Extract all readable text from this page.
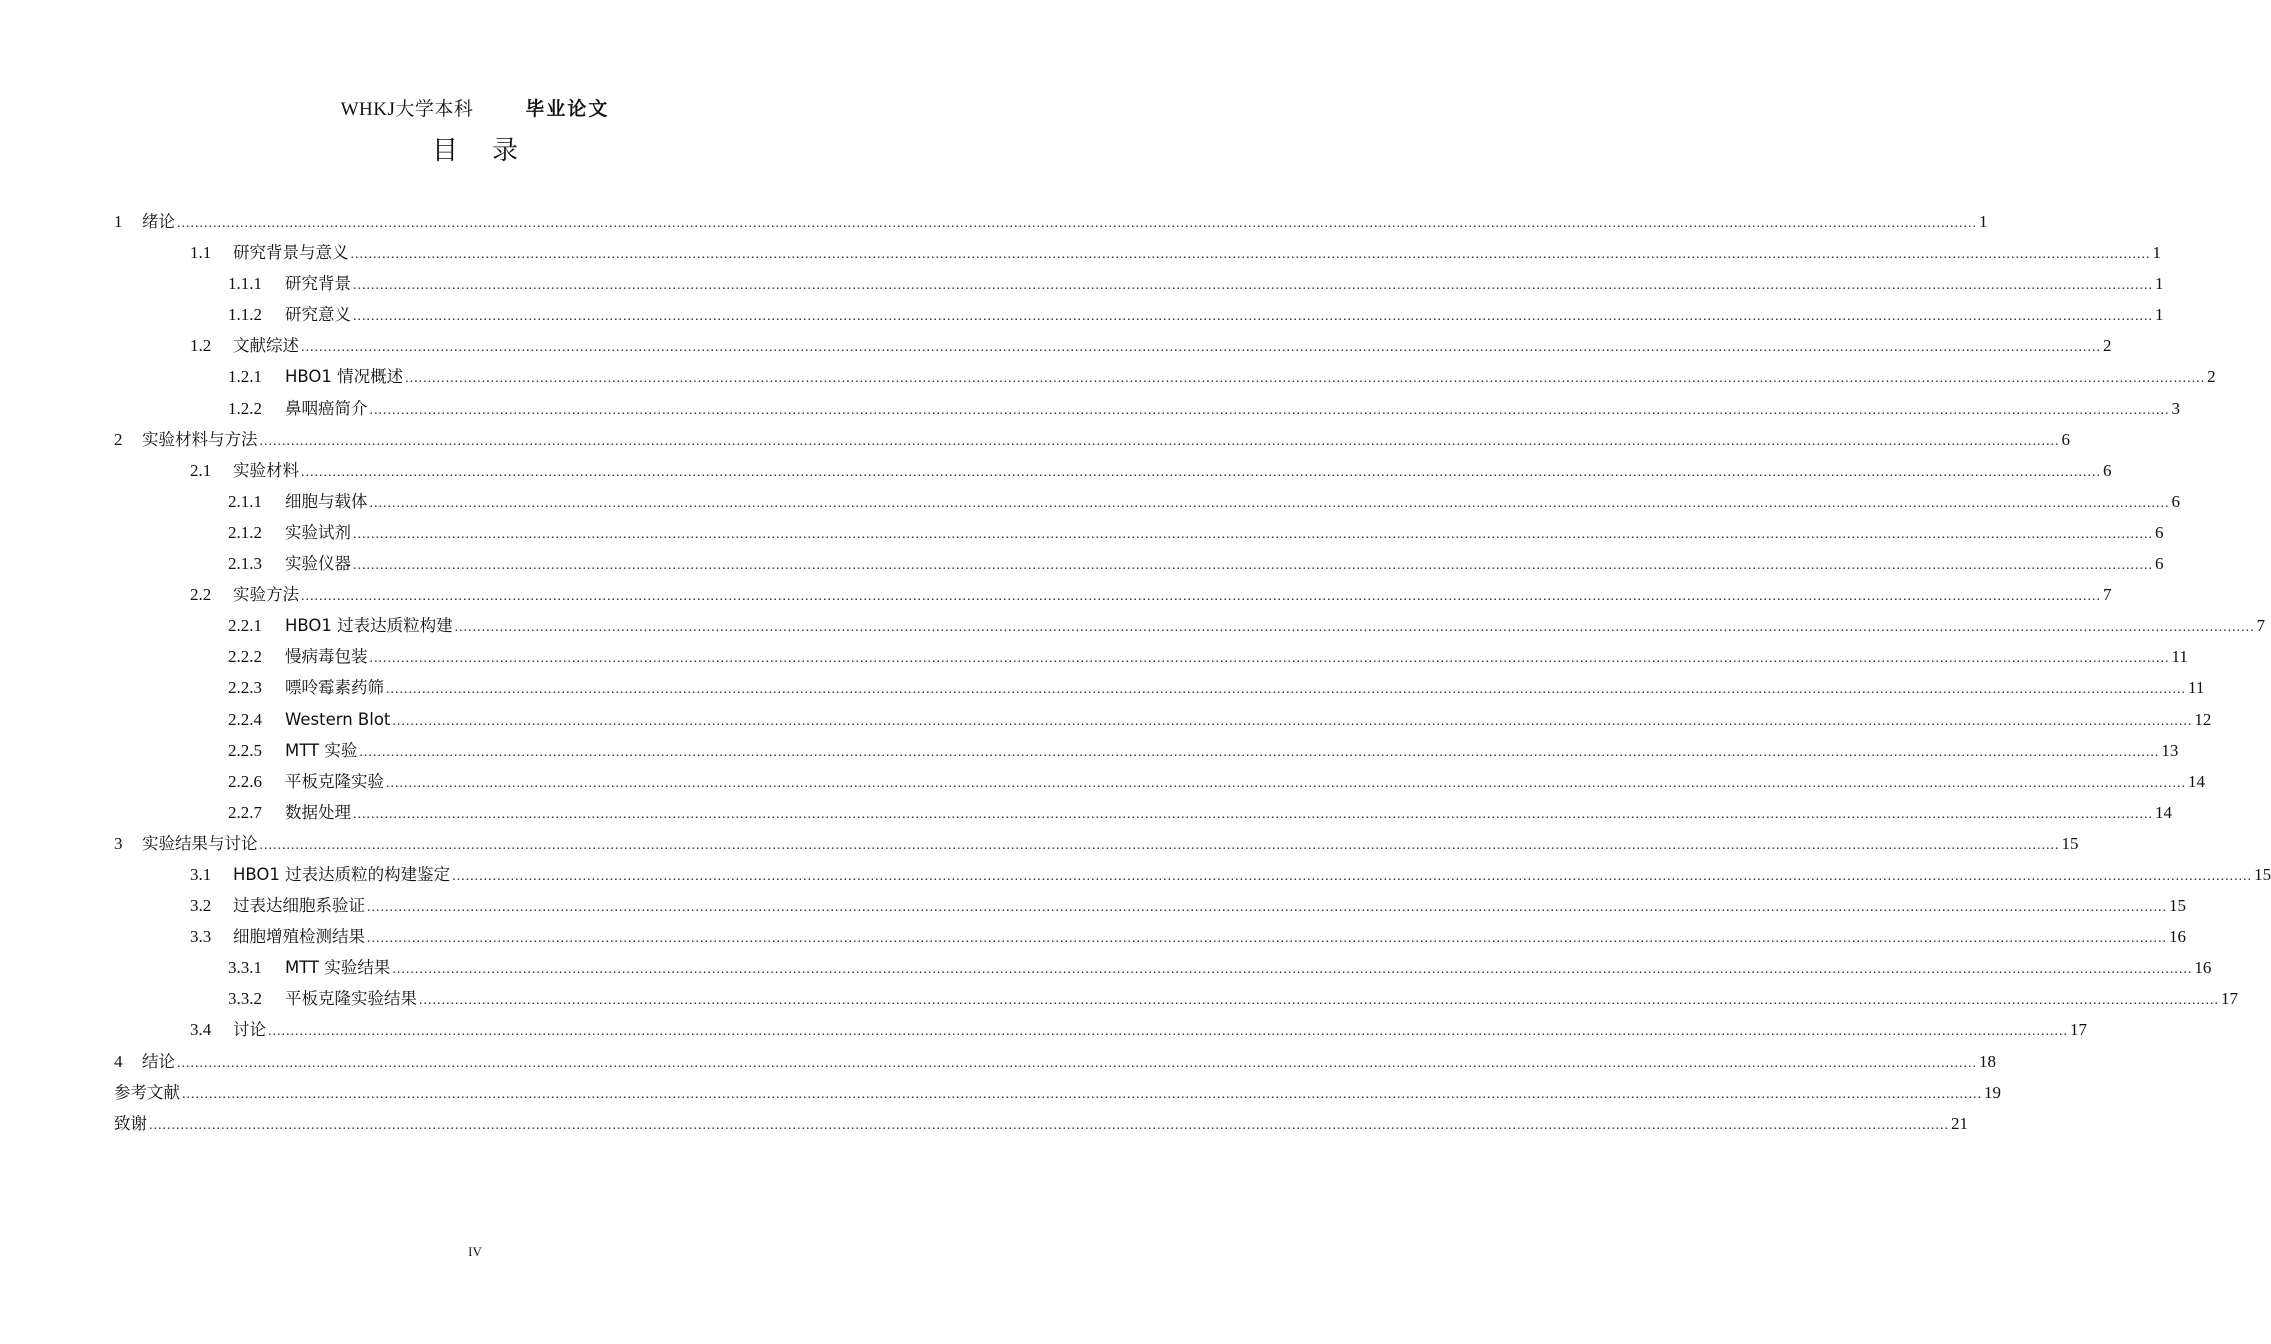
WHKJ大学本科	毕业论文
目录
1	绪论 ................................................................................................................................................................................................................................................................................................................................................................................................................ 1
1.1	研究背景与意义 ................................................................................................................................................................................................................................................................................................................................................................................................................ 1
1.1.1	研究背景 ................................................................................................................................................................................................................................................................................................................................................................................................................ 1
1.1.2	研究意义 ................................................................................................................................................................................................................................................................................................................................................................................................................ 1
1.2	文献综述 ................................................................................................................................................................................................................................................................................................................................................................................................................ 2
1.2.1	HBO1 情况概述 ................................................................................................................................................................................................................................................................................................................................................................................................................ 2
1.2.2	鼻咽癌简介 ................................................................................................................................................................................................................................................................................................................................................................................................................ 3
2	实验材料与方法 ................................................................................................................................................................................................................................................................................................................................................................................................................ 6
2.1	实验材料 ................................................................................................................................................................................................................................................................................................................................................................................................................ 6
2.1.1	细胞与载体 ................................................................................................................................................................................................................................................................................................................................................................................................................ 6
2.1.2	实验试剂 ................................................................................................................................................................................................................................................................................................................................................................................................................ 6
2.1.3	实验仪器 ................................................................................................................................................................................................................................................................................................................................................................................................................ 6
2.2	实验方法 ................................................................................................................................................................................................................................................................................................................................................................................................................ 7
2.2.1	HBO1 过表达质粒构建 ................................................................................................................................................................................................................................................................................................................................................................................................................ 7
2.2.2	慢病毒包装 ................................................................................................................................................................................................................................................................................................................................................................................................................ 11
2.2.3	嘌呤霉素药筛 ................................................................................................................................................................................................................................................................................................................................................................................................................ 11
2.2.4	Western Blot ................................................................................................................................................................................................................................................................................................................................................................................................................ 12
2.2.5	MTT 实验 ................................................................................................................................................................................................................................................................................................................................................................................................................ 13
2.2.6	平板克隆实验 ................................................................................................................................................................................................................................................................................................................................................................................................................ 14
2.2.7	数据处理 ................................................................................................................................................................................................................................................................................................................................................................................................................ 14
3	实验结果与讨论 ................................................................................................................................................................................................................................................................................................................................................................................................................ 15
3.1	HBO1 过表达质粒的构建鉴定 ................................................................................................................................................................................................................................................................................................................................................................................................................ 15
3.2	过表达细胞系验证 ................................................................................................................................................................................................................................................................................................................................................................................................................ 15
3.3	细胞增殖检测结果 ................................................................................................................................................................................................................................................................................................................................................................................................................ 16
3.3.1	MTT 实验结果 ................................................................................................................................................................................................................................................................................................................................................................................................................ 16
3.3.2	平板克隆实验结果 ................................................................................................................................................................................................................................................................................................................................................................................................................ 17
3.4	讨论 ................................................................................................................................................................................................................................................................................................................................................................................................................ 17
4	结论 ................................................................................................................................................................................................................................................................................................................................................................................................................ 18
参考文献 ................................................................................................................................................................................................................................................................................................................................................................................................................ 19
致谢 ................................................................................................................................................................................................................................................................................................................................................................................................................ 21
IV
